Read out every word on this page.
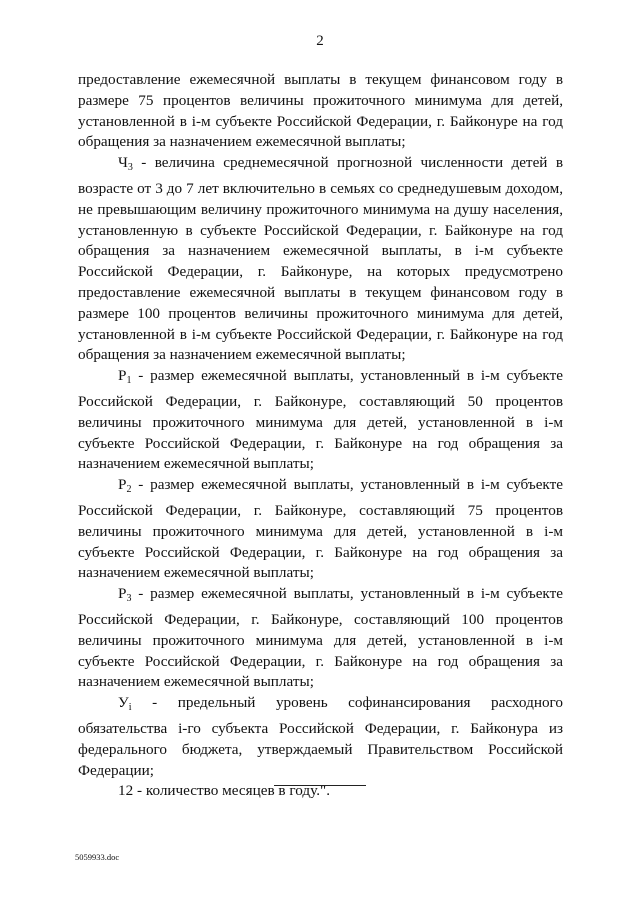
2

предоставление ежемесячной выплаты в текущем финансовом году в размере 75 процентов величины прожиточного минимума для детей, установленной в i-м субъекте Российской Федерации, г. Байконуре на год обращения за назначением ежемесячной выплаты;

$Ч_3$ - величина среднемесячной прогнозной численности детей в возрасте от 3 до 7 лет включительно в семьях со среднедушевым доходом, не превышающим величину прожиточного минимума на душу населения, установленную в субъекте Российской Федерации, г. Байконуре на год обращения за назначением ежемесячной выплаты, в i-м субъекте Российской Федерации, г. Байконуре, на которых предусмотрено предоставление ежемесячной выплаты в текущем финансовом году в размере 100 процентов величины прожиточного минимума для детей, установленной в i-м субъекте Российской Федерации, г. Байконуре на год обращения за назначением ежемесячной выплаты;

$Р_1$ - размер ежемесячной выплаты, установленный в i-м субъекте Российской Федерации, г. Байконуре, составляющий 50 процентов величины прожиточного минимума для детей, установленной в i-м субъекте Российской Федерации, г. Байконуре на год обращения за назначением ежемесячной выплаты;

$Р_2$ - размер ежемесячной выплаты, установленный в i-м субъекте Российской Федерации, г. Байконуре, составляющий 75 процентов величины прожиточного минимума для детей, установленной в i-м субъекте Российской Федерации, г. Байконуре на год обращения за назначением ежемесячной выплаты;

$Р_3$ - размер ежемесячной выплаты, установленный в i-м субъекте Российской Федерации, г. Байконуре, составляющий 100 процентов величины прожиточного минимума для детей, установленной в i-м субъекте Российской Федерации, г. Байконуре на год обращения за назначением ежемесячной выплаты;

$У_i$ - предельный уровень софинансирования расходного обязательства i-го субъекта Российской Федерации, г. Байконура из федерального бюджета, утверждаемый Правительством Российской Федерации;

12 - количество месяцев в году.".

5059933.doc
